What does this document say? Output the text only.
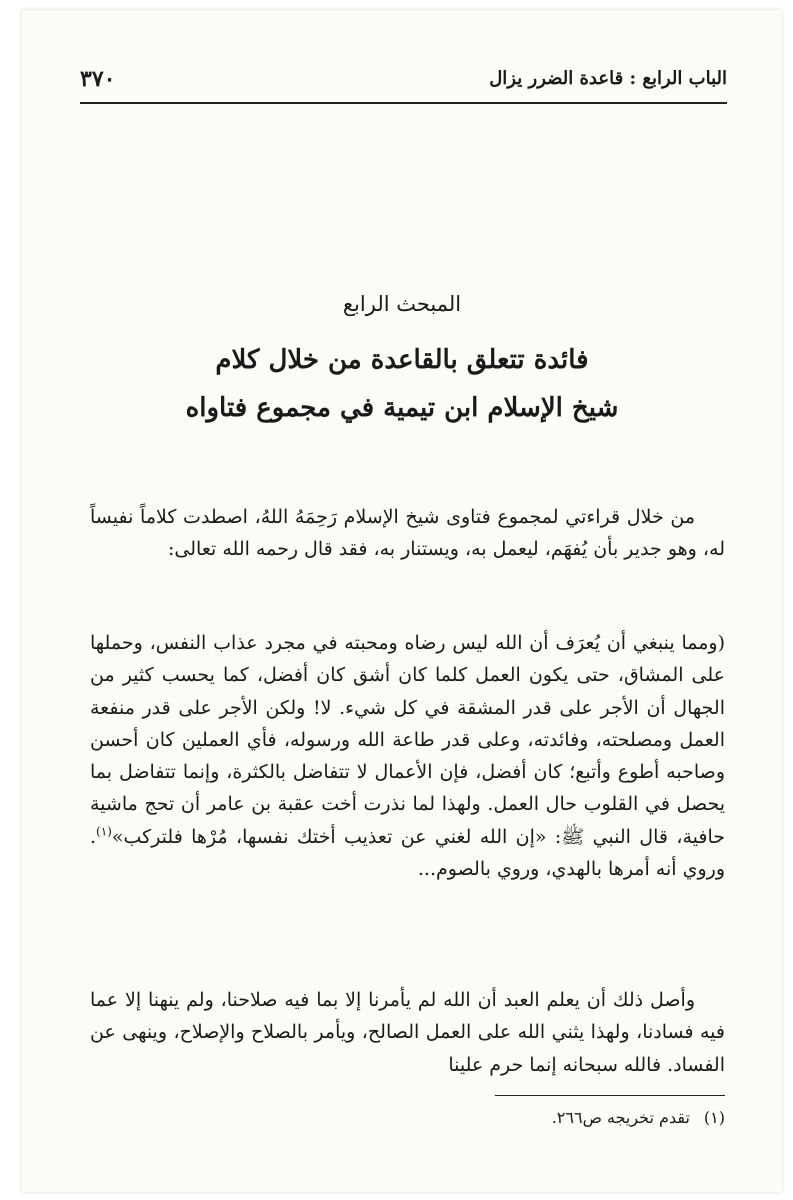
الباب الرابع : قاعدة الضرر يزال
٣٧٠
المبحث الرابع
فائدة تتعلق بالقاعدة من خلال كلام
شيخ الإسلام ابن تيمية في مجموع فتاواه

من خلال قراءتي لمجموع فتاوى شيخ الإسلام رَحِمَهُ اللهُ، اصطدت كلاماً نفيساً له، وهو جدير بأن يُفهَم، ليعمل به، ويستنار به، فقد قال رحمه الله تعالى:

(ومما ينبغي أن يُعرَف أن الله ليس رضاه ومحبته في مجرد عذاب النفس، وحملها على المشاق، حتى يكون العمل كلما كان أشق كان أفضل، كما يحسب كثير من الجهال أن الأجر على قدر المشقة في كل شيء. لا! ولكن الأجر على قدر منفعة العمل ومصلحته، وفائدته، وعلى قدر طاعة الله ورسوله، فأي العملين كان أحسن وصاحبه أطوع وأتبع؛ كان أفضل، فإن الأعمال لا تتفاضل بالكثرة، وإنما تتفاضل بما يحصل في القلوب حال العمل. ولهذا لما نذرت أخت عقبة بن عامر أن تحج ماشية حافية، قال النبي ﷺ: «إن الله لغني عن تعذيب أختك نفسها، مُرْها فلتركب»$^{(١)}$. وروي أنه أمرها بالهدي، وروي بالصوم...

وأصل ذلك أن يعلم العبد أن الله لم يأمرنا إلا بما فيه صلاحنا، ولم ينهنا إلا عما فيه فسادنا، ولهذا يثني الله على العمل الصالح، ويأمر بالصلاح والإصلاح، وينهى عن الفساد. فالله سبحانه إنما حرم علينا

(١)تقدم تخريجه ص٢٦٦.
